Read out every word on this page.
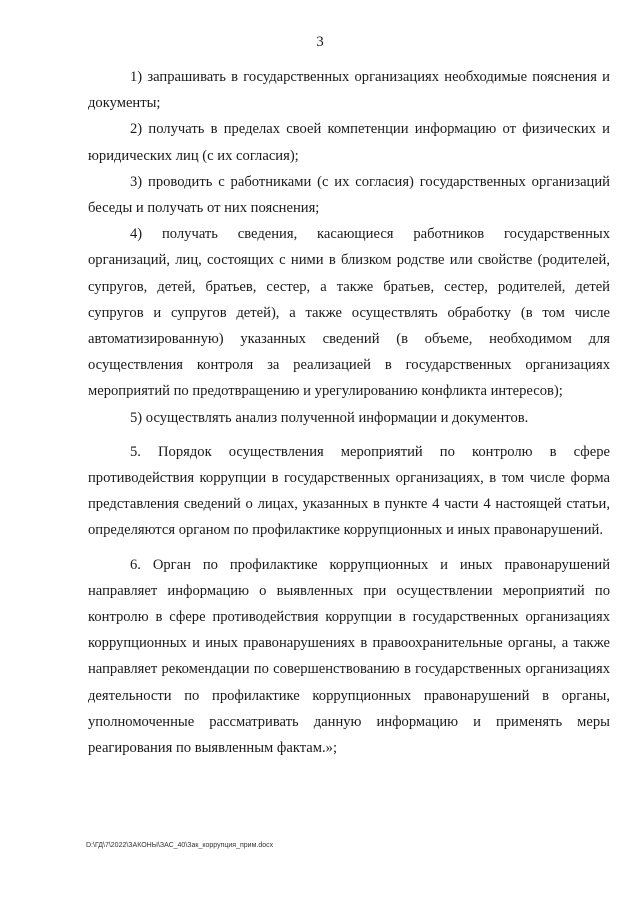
3

1) запрашивать в государственных организациях необходимые пояснения и документы;

2) получать в пределах своей компетенции информацию от физических и юридических лиц (с их согласия);

3) проводить с работниками (с их согласия) государственных организаций беседы и получать от них пояснения;

4) получать сведения, касающиеся работников государственных организаций, лиц, состоящих с ними в близком родстве или свойстве (родителей, супругов, детей, братьев, сестер, а также братьев, сестер, родителей, детей супругов и супругов детей), а также осуществлять обработку (в том числе автоматизированную) указанных сведений (в объеме, необходимом для осуществления контроля за реализацией в государственных организациях мероприятий по предотвращению и урегулированию конфликта интересов);

5) осуществлять анализ полученной информации и документов.

5. Порядок осуществления мероприятий по контролю в сфере противодействия коррупции в государственных организациях, в том числе форма представления сведений о лицах, указанных в пункте 4 части 4 настоящей статьи, определяются органом по профилактике коррупционных и иных правонарушений.

6. Орган по профилактике коррупционных и иных правонарушений направляет информацию о выявленных при осуществлении мероприятий по контролю в сфере противодействия коррупции в государственных организациях коррупционных и иных правонарушениях в правоохранительные органы, а также направляет рекомендации по совершенствованию в государственных организациях деятельности по профилактике коррупционных правонарушений в органы, уполномоченные рассматривать данную информацию и применять меры реагирования по выявленным фактам.»;

D:\ГД\7\2022\ЗАКОНЫ\ЗАС_40\Зак_коррупция_прим.docx
